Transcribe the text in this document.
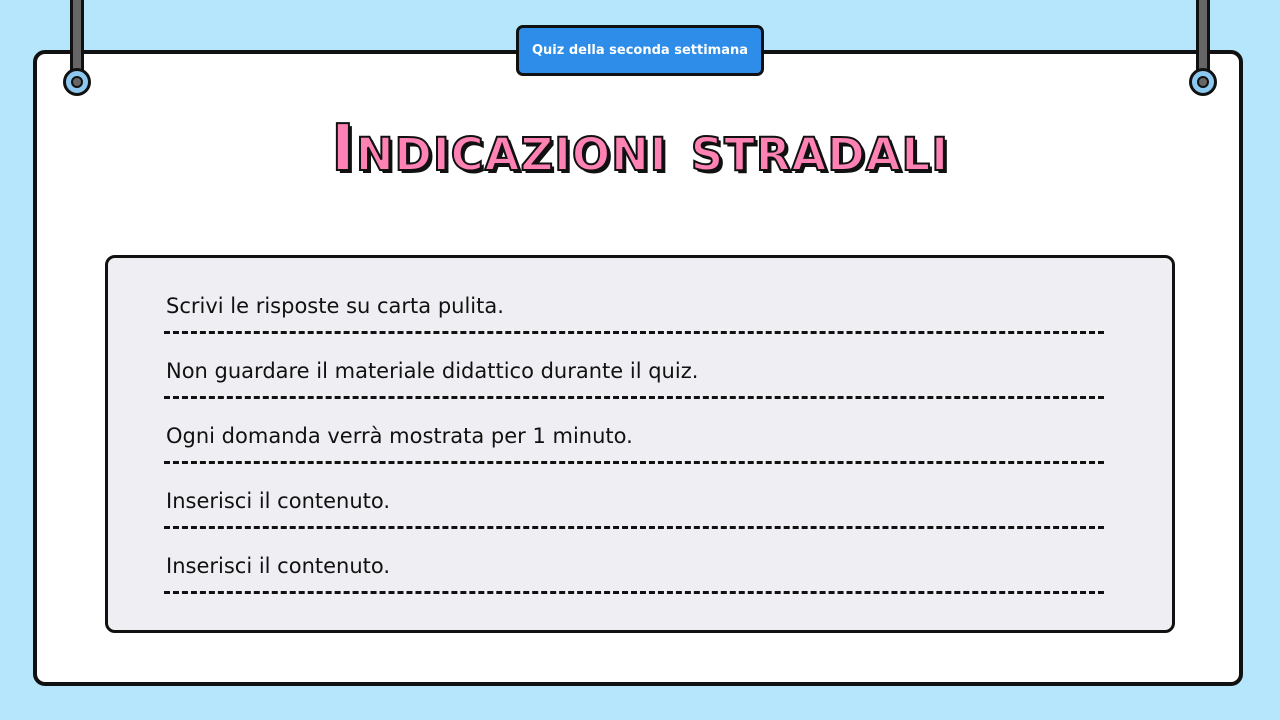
Quiz della seconda settimana
Indicazioni stradali
Scrivi le risposte su carta pulita.
Non guardare il materiale didattico durante il quiz.
Ogni domanda verrà mostrata per 1 minuto.
Inserisci il contenuto.
Inserisci il contenuto.
